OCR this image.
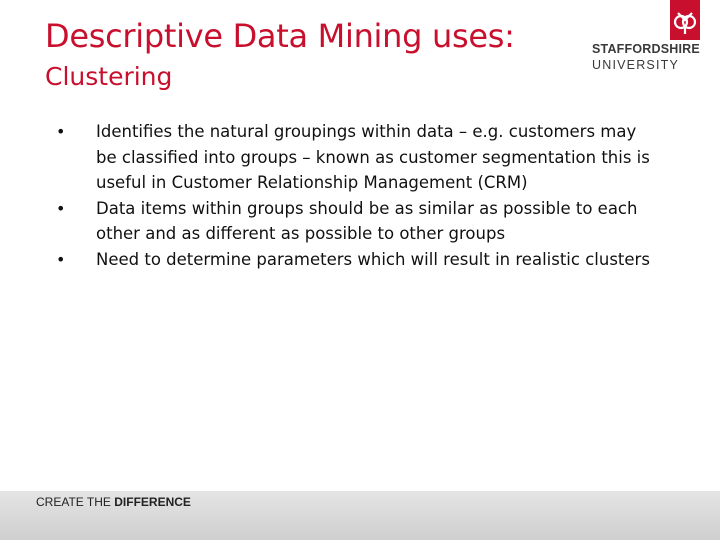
Descriptive Data Mining uses:
Clustering
STAFFORDSHIRE
UNIVERSITY
• Identifies the natural groupings within data – e.g. customers may be classified into groups – known as customer segmentation this is useful in Customer Relationship Management (CRM)
• Data items within groups should be as similar as possible to each other and as different as possible to other groups
• Need to determine parameters which will result in realistic clusters
CREATE THE DIFFERENCE
